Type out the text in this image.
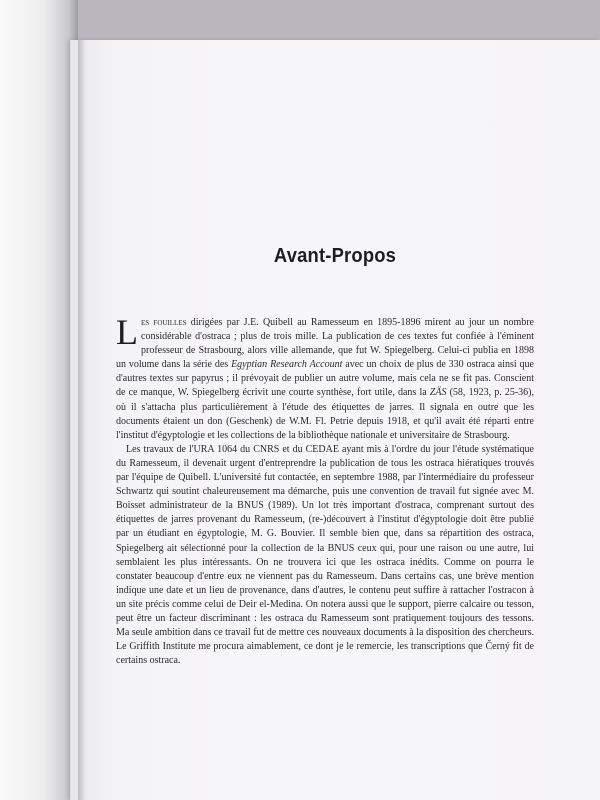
Avant-Propos

Les fouilles dirigées par J.E. Quibell au Ramesseum en 1895-1896 mirent au jour un nombre considérable d'ostraca ; plus de trois mille. La publication de ces textes fut confiée à l'éminent professeur de Strasbourg, alors ville allemande, que fut W. Spiegelberg. Celui-ci publia en 1898 un volume dans la série des Egyptian Research Account avec un choix de plus de 330 ostraca ainsi que d'autres textes sur papyrus ; il prévoyait de publier un autre volume, mais cela ne se fit pas. Conscient de ce manque, W. Spiegelberg écrivit une courte synthèse, fort utile, dans la ZÄS (58, 1923, p. 25-36), où il s'attacha plus particulièrement à l'étude des étiquettes de jarres. Il signala en outre que les documents étaient un don (Geschenk) de W.M. Fl. Petrie depuis 1918, et qu'il avait été réparti entre l'institut d'égyptologie et les collections de la bibliothèque nationale et universitaire de Strasbourg.

Les travaux de l'URA 1064 du CNRS et du CEDAE ayant mis à l'ordre du jour l'étude systématique du Ramesseum, il devenait urgent d'entreprendre la publication de tous les ostraca hiératiques trouvés par l'équipe de Quibell. L'université fut contactée, en septembre 1988, par l'intermédiaire du professeur Schwartz qui soutint chaleureusement ma démarche, puis une convention de travail fut signée avec M. Boisset administrateur de la BNUS (1989). Un lot très important d'ostraca, comprenant surtout des étiquettes de jarres provenant du Ramesseum, (re-)découvert à l'institut d'égyptologie doit être publié par un étudiant en égyptologie, M. G. Bouvier. Il semble bien que, dans sa répartition des ostraca, Spiegelberg ait sélectionné pour la collection de la BNUS ceux qui, pour une raison ou une autre, lui semblaient les plus intéressants. On ne trouvera ici que les ostraca inédits. Comme on pourra le constater beaucoup d'entre eux ne viennent pas du Ramesseum. Dans certains cas, une brève mention indique une date et un lieu de provenance, dans d'autres, le contenu peut suffire à rattacher l'ostracon à un site précis comme celui de Deir el-Medina. On notera aussi que le support, pierre calcaire ou tesson, peut être un facteur discriminant : les ostraca du Ramesseum sont pratiquement toujours des tessons. Ma seule ambition dans ce travail fut de mettre ces nouveaux documents à la disposition des chercheurs. Le Griffith Institute me procura aimablement, ce dont je le remercie, les transcriptions que Černý fit de certains ostraca.
